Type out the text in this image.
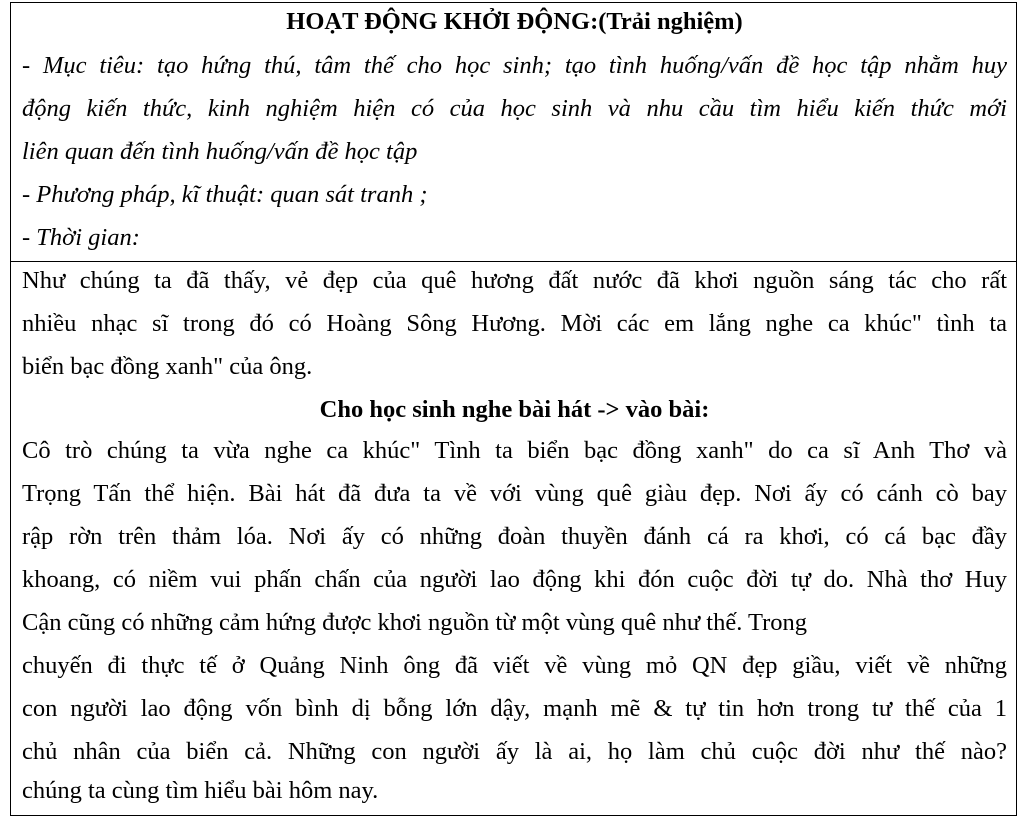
HOẠT ĐỘNG KHỞI ĐỘNG:(Trải nghiệm)
- Mục tiêu: tạo hứng thú, tâm thế cho học sinh; tạo tình huống/vấn đề học tập nhằm huy
động kiến thức, kinh nghiệm hiện có của học sinh và nhu cầu tìm hiểu kiến thức mới
liên quan đến tình huống/vấn đề học tập
- Phương pháp, kĩ thuật: quan sát tranh ;
- Thời gian:
Như chúng ta đã thấy, vẻ đẹp của quê hương đất nước đã khơi nguồn sáng tác cho rất
nhiều nhạc sĩ trong đó có Hoàng Sông Hương. Mời các em lắng nghe ca khúc" tình ta
biển bạc đồng xanh" của ông.
Cho học sinh nghe bài hát -> vào bài:
Cô trò chúng ta vừa nghe ca khúc" Tình ta biển bạc đồng xanh" do ca sĩ Anh Thơ và
Trọng Tấn thể hiện. Bài hát đã đưa ta về với vùng quê giàu đẹp. Nơi ấy có cánh cò bay
rập rờn trên thảm lóa. Nơi ấy có những đoàn thuyền đánh cá ra khơi, có cá bạc đầy
khoang, có niềm vui phấn chấn của người lao động khi đón cuộc đời tự do. Nhà thơ Huy
Cận cũng có những cảm hứng được khơi nguồn từ một vùng quê như thế. Trong
chuyến đi thực tế ở Quảng Ninh ông đã viết về vùng mỏ QN đẹp giầu, viết về những
con người lao động vốn bình dị bỗng lớn dậy, mạnh mẽ & tự tin hơn trong tư thế của 1
chủ nhân của biển cả. Những con người ấy là ai, họ làm chủ cuộc đời như thế nào?
chúng ta cùng tìm hiểu bài hôm nay.
